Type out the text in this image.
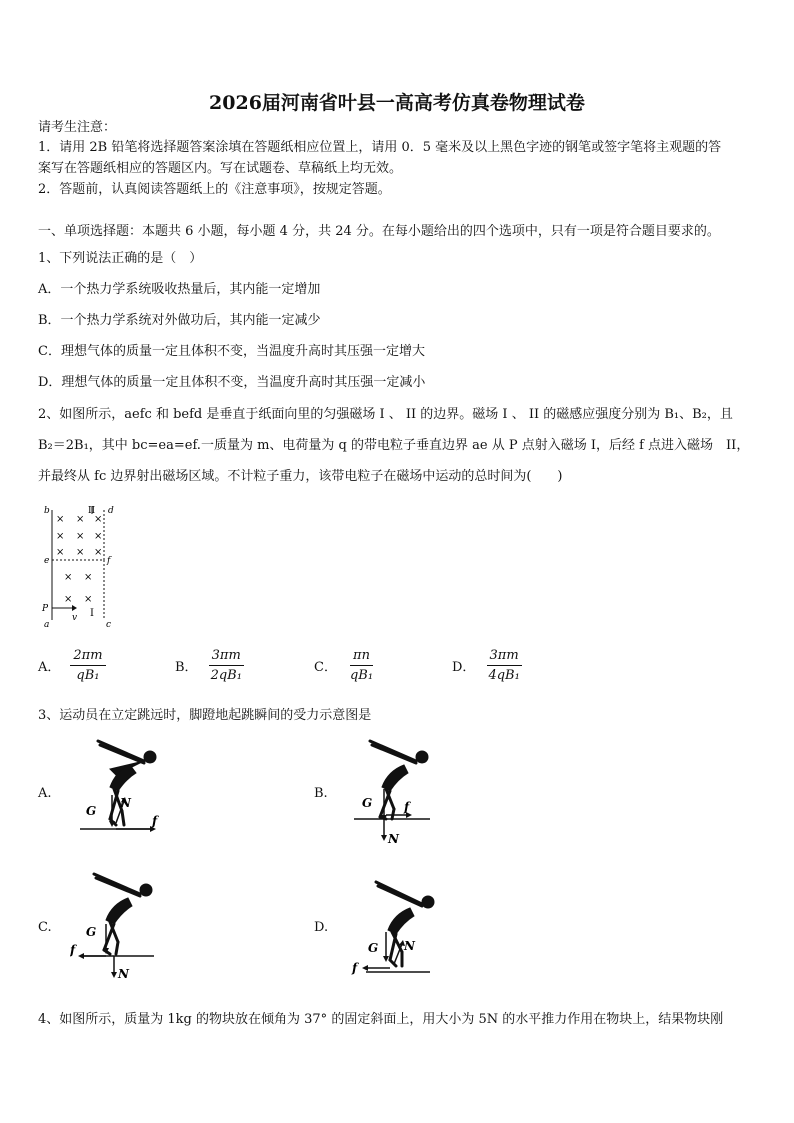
2026届河南省叶县一高高考仿真卷物理试卷
请考生注意：
1．请用 2B 铅笔将选择题答案涂填在答题纸相应位置上，请用 0．5 毫米及以上黑色字迹的钢笔或签字笔将主观题的答
案写在答题纸相应的答题区内。写在试题卷、草稿纸上均无效。
2．答题前，认真阅读答题纸上的《注意事项》，按规定答题。
一、单项选择题：本题共 6 小题，每小题 4 分，共 24 分。在每小题给出的四个选项中，只有一项是符合题目要求的。
1、下列说法正确的是（　）
A．一个热力学系统吸收热量后，其内能一定增加
B．一个热力学系统对外做功后，其内能一定减少
C．理想气体的质量一定且体积不变，当温度升高时其压强一定增大
D．理想气体的质量一定且体积不变，当温度升高时其压强一定减小
2、如图所示，aefc 和 befd 是垂直于纸面向里的匀强磁场 I 、 II 的边界。磁场 I 、 II 的磁感应强度分别为 B₁、B₂，且
B₂＝2B₁，其中 bc=ea=ef.一质量为 m、电荷量为 q 的带电粒子垂直边界 ae 从 P 点射入磁场 I，后经 f 点进入磁场　II，
并最终从 fc 边界射出磁场区域。不计粒子重力，该带电粒子在磁场中运动的总时间为(　　)
b	II d
e	f
× × ×
× × ×
× × ×
× ×
× ×
P
v I
a	c
A． $\frac{2\pi m}{\text{qB₁}}$	B． $\frac{3\pi m}{\text{2qB₁}}$	C． $\frac{\pi n}{\text{qB₁}}$	D． $\frac{3\pi m}{\text{4qB₁}}$
3、运动员在立定跳远时，脚蹬地起跳瞬间的受力示意图是
A.
G
N
f
B.
G
N
f
C.	G
N
f
D.
G N
f
4、如图所示，质量为 1kg 的物块放在倾角为 37° 的固定斜面上，用大小为 5N 的水平推力作用在物块上，结果物块刚
